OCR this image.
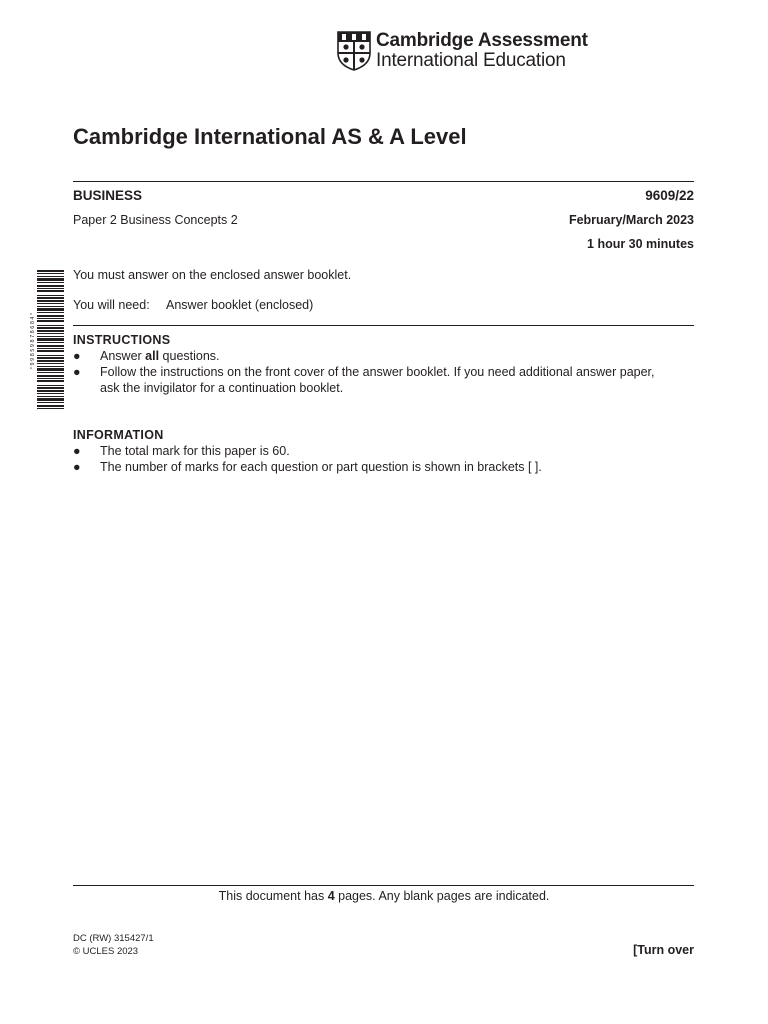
Cambridge Assessment
International Education
Cambridge International AS & A Level
BUSINESS	9609/22
Paper 2 Business Concepts 2	February/March 2023
1 hour 30 minutes
* 9 9 8 5 9 8 7 8 6 8 4 *
You must answer on the enclosed answer booklet.
You will need: Answer booklet (enclosed)
INSTRUCTIONS
● Answer all questions.
● Follow the instructions on the front cover of the answer booklet. If you need additional answer paper,
ask the invigilator for a continuation booklet.
INFORMATION
● The total mark for this paper is 60.
● The number of marks for each question or part question is shown in brackets [ ].
This document has 4 pages. Any blank pages are indicated.
DC (RW) 315427/1
© UCLES 2023	[Turn over
